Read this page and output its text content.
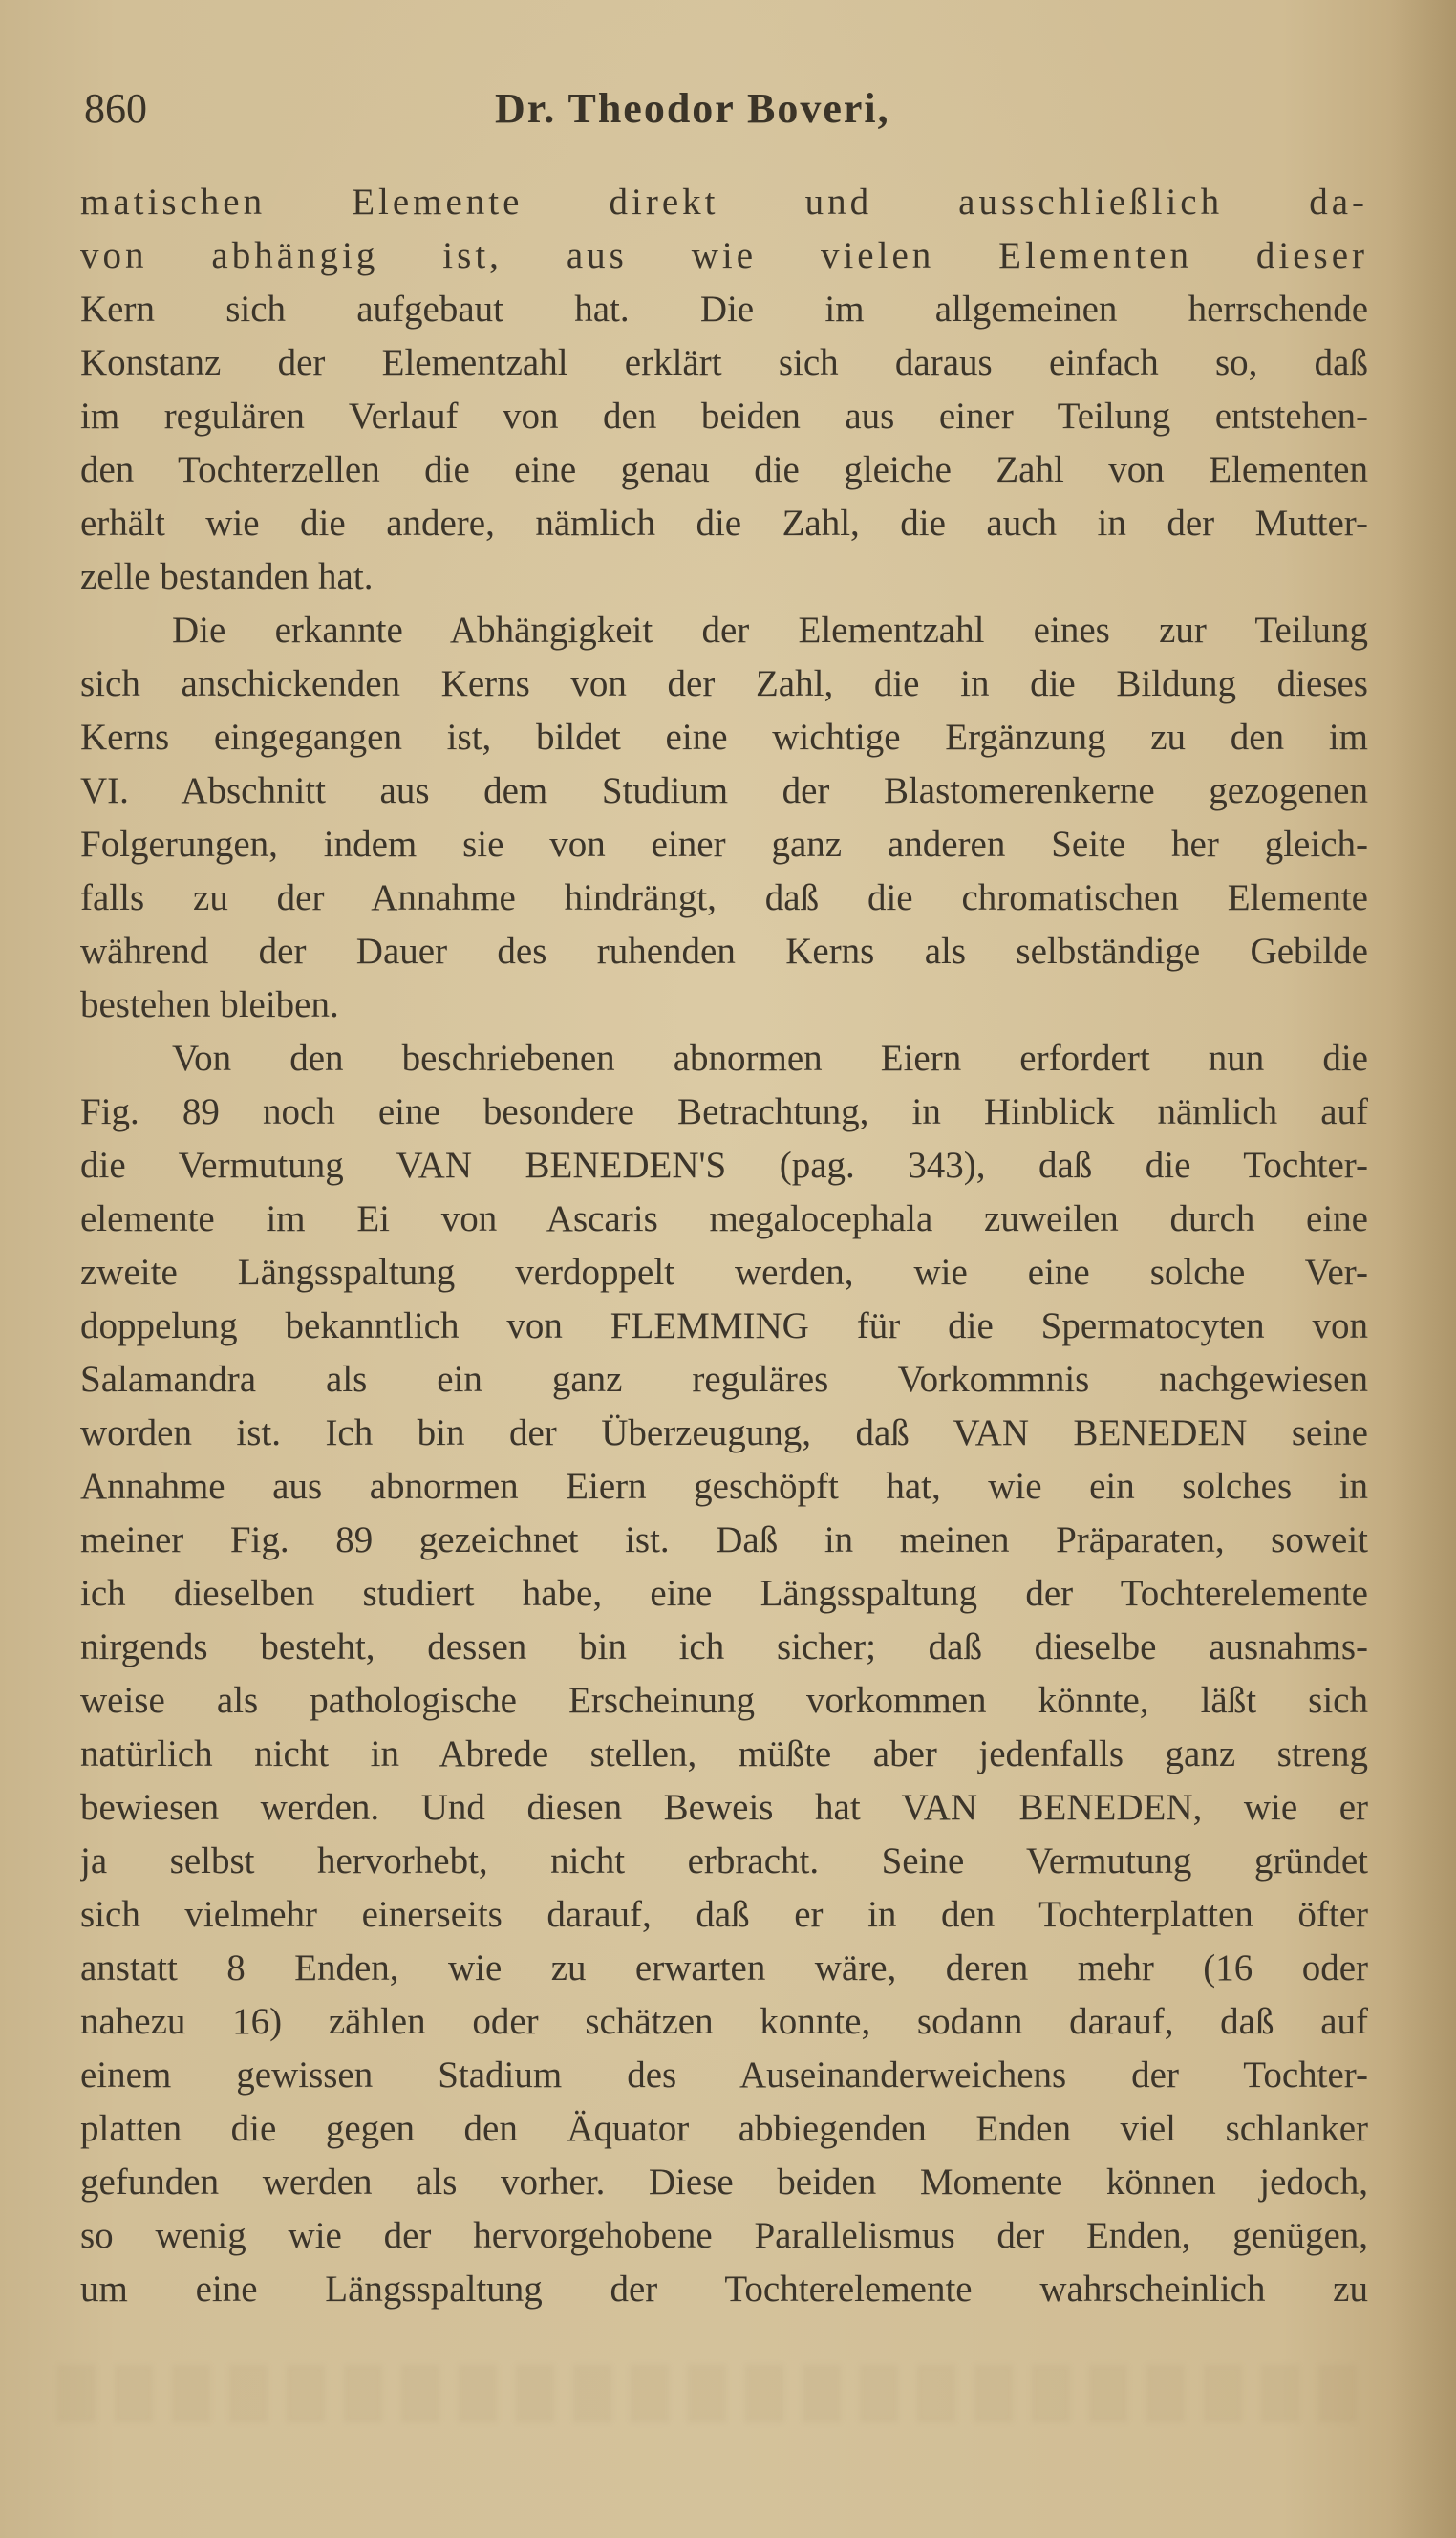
860	Dr. Theodor Boveri,
matischen Elemente direkt und ausschließlich da-
von abhängig ist, aus wie vielen Elementen dieser
Kern sich aufgebaut hat. Die im allgemeinen herrschende
Konstanz der Elementzahl erklärt sich daraus einfach so, daß
im regulären Verlauf von den beiden aus einer Teilung entstehen-
den Tochterzellen die eine genau die gleiche Zahl von Elementen
erhält wie die andere, nämlich die Zahl, die auch in der Mutter-
zelle bestanden hat.
Die erkannte Abhängigkeit der Elementzahl eines zur Teilung
sich anschickenden Kerns von der Zahl, die in die Bildung dieses
Kerns eingegangen ist, bildet eine wichtige Ergänzung zu den im
VI. Abschnitt aus dem Studium der Blastomerenkerne gezogenen
Folgerungen, indem sie von einer ganz anderen Seite her gleich-
falls zu der Annahme hindrängt, daß die chromatischen Elemente
während der Dauer des ruhenden Kerns als selbständige Gebilde
bestehen bleiben.
Von den beschriebenen abnormen Eiern erfordert nun die
Fig. 89 noch eine besondere Betrachtung, in Hinblick nämlich auf
die Vermutung VAN BENEDEN'S (pag. 343), daß die Tochter-
elemente im Ei von Ascaris megalocephala zuweilen durch eine
zweite Längsspaltung verdoppelt werden, wie eine solche Ver-
doppelung bekanntlich von FLEMMING für die Spermatocyten von
Salamandra als ein ganz reguläres Vorkommnis nachgewiesen
worden ist. Ich bin der Überzeugung, daß VAN BENEDEN seine
Annahme aus abnormen Eiern geschöpft hat, wie ein solches in
meiner Fig. 89 gezeichnet ist. Daß in meinen Präparaten, soweit
ich dieselben studiert habe, eine Längsspaltung der Tochterelemente
nirgends besteht, dessen bin ich sicher; daß dieselbe ausnahms-
weise als pathologische Erscheinung vorkommen könnte, läßt sich
natürlich nicht in Abrede stellen, müßte aber jedenfalls ganz streng
bewiesen werden. Und diesen Beweis hat VAN BENEDEN, wie er
ja selbst hervorhebt, nicht erbracht. Seine Vermutung gründet
sich vielmehr einerseits darauf, daß er in den Tochterplatten öfter
anstatt 8 Enden, wie zu erwarten wäre, deren mehr (16 oder
nahezu 16) zählen oder schätzen konnte, sodann darauf, daß auf
einem gewissen Stadium des Auseinanderweichens der Tochter-
platten die gegen den Äquator abbiegenden Enden viel schlanker
gefunden werden als vorher. Diese beiden Momente können jedoch,
so wenig wie der hervorgehobene Parallelismus der Enden, genügen,
um eine Längsspaltung der Tochterelemente wahrscheinlich zu
